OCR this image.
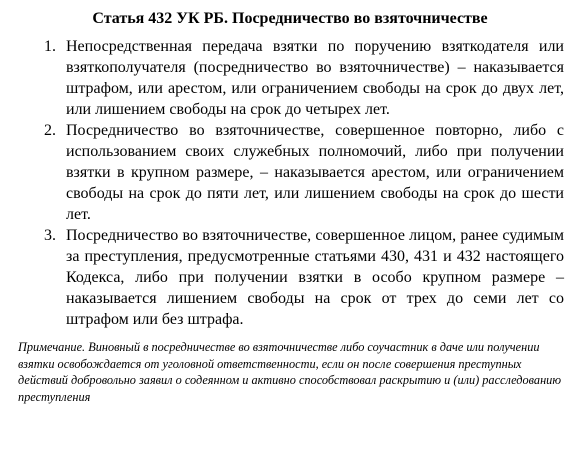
Статья 432 УК РБ. Посредничество во взяточничестве
1. Непосредственная передача взятки по поручению взяткодателя или взяткополучателя (посредничество во взяточничестве) – наказывается штрафом, или арестом, или ограничением свободы на срок до двух лет, или лишением свободы на срок до четырех лет.
2. Посредничество во взяточничестве, совершенное повторно, либо с использованием своих служебных полномочий, либо при получении взятки в крупном размере, – наказывается арестом, или ограничением свободы на срок до пяти лет, или лишением свободы на срок до шести лет.
3. Посредничество во взяточничестве, совершенное лицом, ранее судимым за преступления, предусмотренные статьями 430, 431 и 432 настоящего Кодекса, либо при получении взятки в особо крупном размере – наказывается лишением свободы на срок от трех до семи лет со штрафом или без штрафа.

Примечание. Виновный в посредничестве во взяточничестве либо соучастник в даче или получении взятки освобождается от уголовной ответственности, если он после совершения преступных действий добровольно заявил о содеянном и активно способствовал раскрытию и (или) расследованию преступления
